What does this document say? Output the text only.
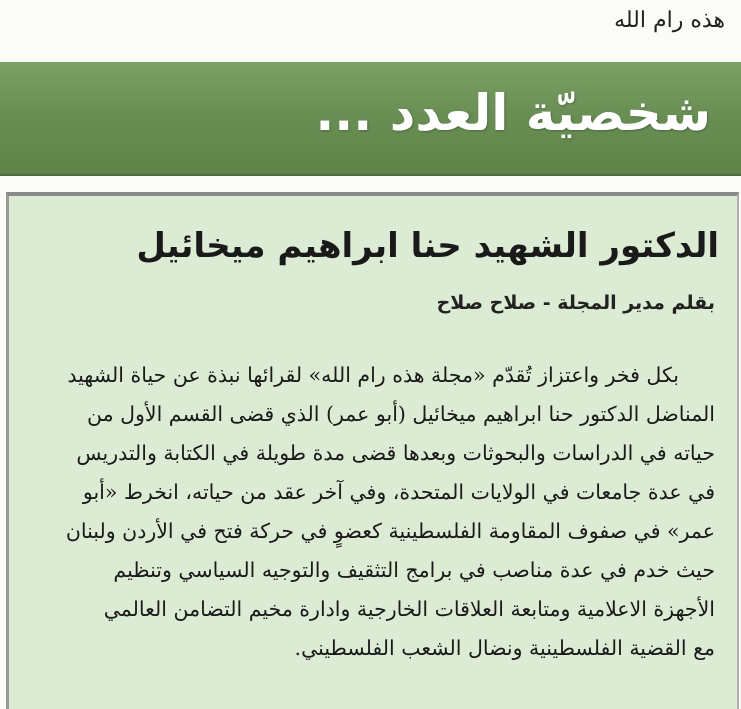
هذه رام الله
شخصيّة العدد ...
الدكتور الشهيد حنا ابراهيم ميخائيل
بقلم مدير المجلة - صلاح صلاح
بكل فخر واعتزاز تُقدّم «مجلة هذه رام الله» لقرائها نبذة عن حياة الشهيد
المناضل الدكتور حنا ابراهيم ميخائيل (أبو عمر) الذي قضى القسم الأول من
حياته في الدراسات والبحوثات وبعدها قضى مدة طويلة في الكتابة والتدريس
في عدة جامعات في الولايات المتحدة، وفي آخر عقد من حياته، انخرط «أبو
عمر» في صفوف المقاومة الفلسطينية كعضوٍ في حركة فتح في الأردن ولبنان
حيث خدم في عدة مناصب في برامج التثقيف والتوجيه السياسي وتنظيم
الأجهزة الاعلامية ومتابعة العلاقات الخارجية وادارة مخيم التضامن العالمي
مع القضية الفلسطينية ونضال الشعب الفلسطيني.
